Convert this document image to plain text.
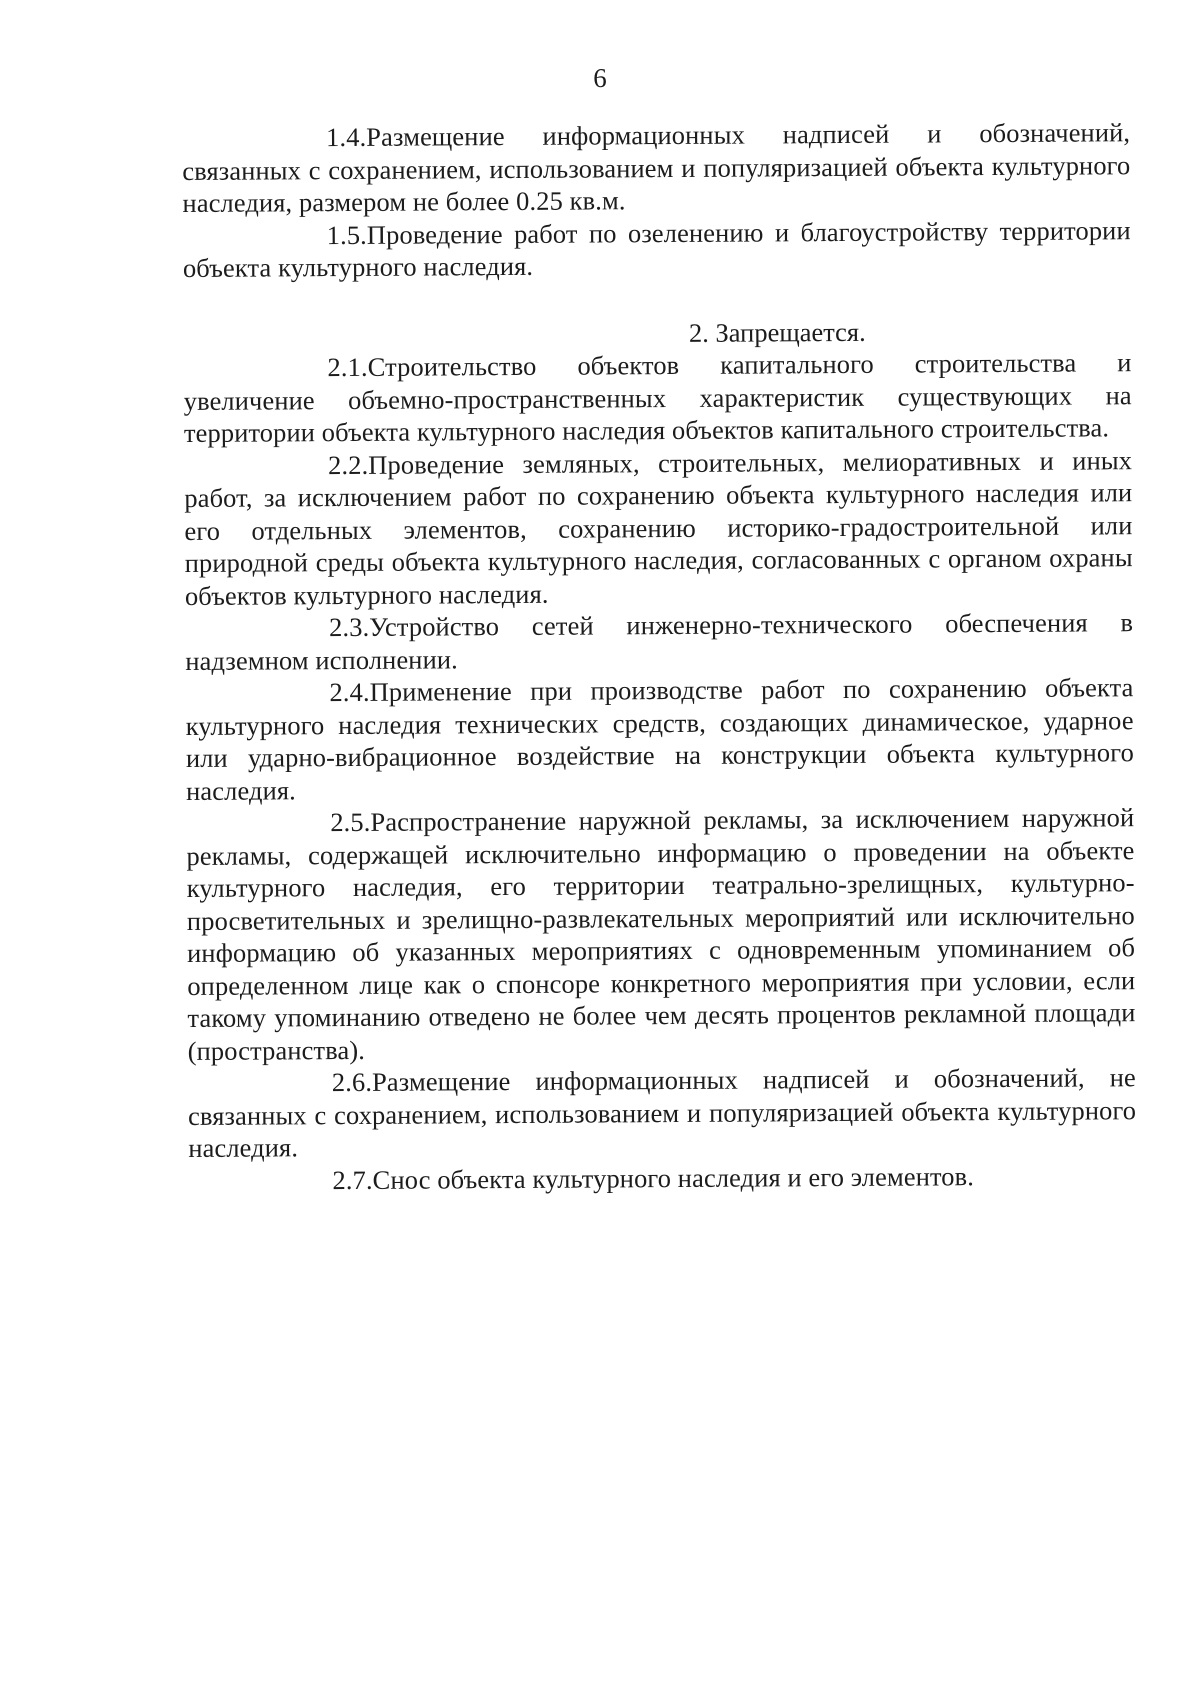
6

1.4.Размещение информационных надписей и обозначений, связанных с сохранением, использованием и популяризацией объекта культурного наследия, размером не более 0.25 кв.м.

1.5.Проведение работ по озеленению и благоустройству территории объекта культурного наследия.

2. Запрещается.

2.1.Строительство объектов капитального строительства и увеличение объемно-пространственных характеристик существующих на территории объекта культурного наследия объектов капитального строительства.

2.2.Проведение земляных, строительных, мелиоративных и иных работ, за исключением работ по сохранению объекта культурного наследия или его отдельных элементов, сохранению историко-градостроительной или природной среды объекта культурного наследия, согласованных с органом охраны объектов культурного наследия.

2.3.Устройство сетей инженерно-технического обеспечения в надземном исполнении.

2.4.Применение при производстве работ по сохранению объекта культурного наследия технических средств, создающих динамическое, ударное или ударно-вибрационное воздействие на конструкции объекта культурного наследия.

2.5.Распространение наружной рекламы, за исключением наружной рекламы, содержащей исключительно информацию о проведении на объекте культурного наследия, его территории театрально-зрелищных, культурно-просветительных и зрелищно-развлекательных мероприятий или исключительно информацию об указанных мероприятиях с одновременным упоминанием об определенном лице как о спонсоре конкретного мероприятия при условии, если такому упоминанию отведено не более чем десять процентов рекламной площади (пространства).

2.6.Размещение информационных надписей и обозначений, не связанных с сохранением, использованием и популяризацией объекта культурного наследия.

2.7.Снос объекта культурного наследия и его элементов.
